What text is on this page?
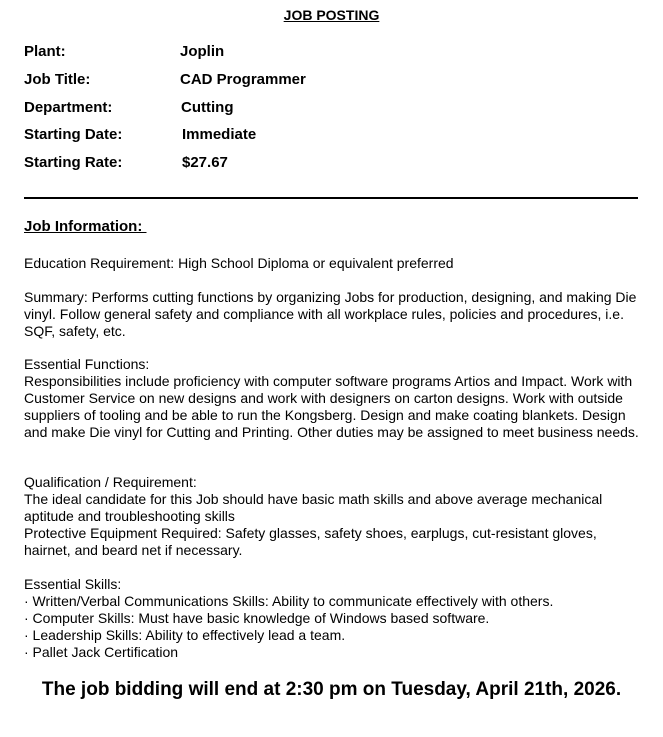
JOB POSTING
Plant:	Joplin
Job Title:	CAD Programmer
Department:	Cutting
Starting Date:	Immediate
Starting Rate:	$27.67
Job Information:

Education Requirement: High School Diploma or equivalent preferred

Summary: Performs cutting functions by organizing Jobs for production, designing, and making Die vinyl. Follow general safety and compliance with all workplace rules, policies and procedures, i.e. SQF, safety, etc.

Essential Functions:

Responsibilities include proficiency with computer software programs Artios and Impact. Work with Customer Service on new designs and work with designers on carton designs. Work with outside suppliers of tooling and be able to run the Kongsberg. Design and make coating blankets. Design and make Die vinyl for Cutting and Printing. Other duties may be assigned to meet business needs.

Qualification / Requirement:

The ideal candidate for this Job should have basic math skills and above average mechanical aptitude and troubleshooting skills

Protective Equipment Required: Safety glasses, safety shoes, earplugs, cut-resistant gloves, hairnet, and beard net if necessary.

Essential Skills:

· Written/Verbal Communications Skills: Ability to communicate effectively with others.
· Computer Skills: Must have basic knowledge of Windows based software.
· Leadership Skills: Ability to effectively lead a team.
· Pallet Jack Certification

The job bidding will end at 2:30 pm on Tuesday, April 21th, 2026.
